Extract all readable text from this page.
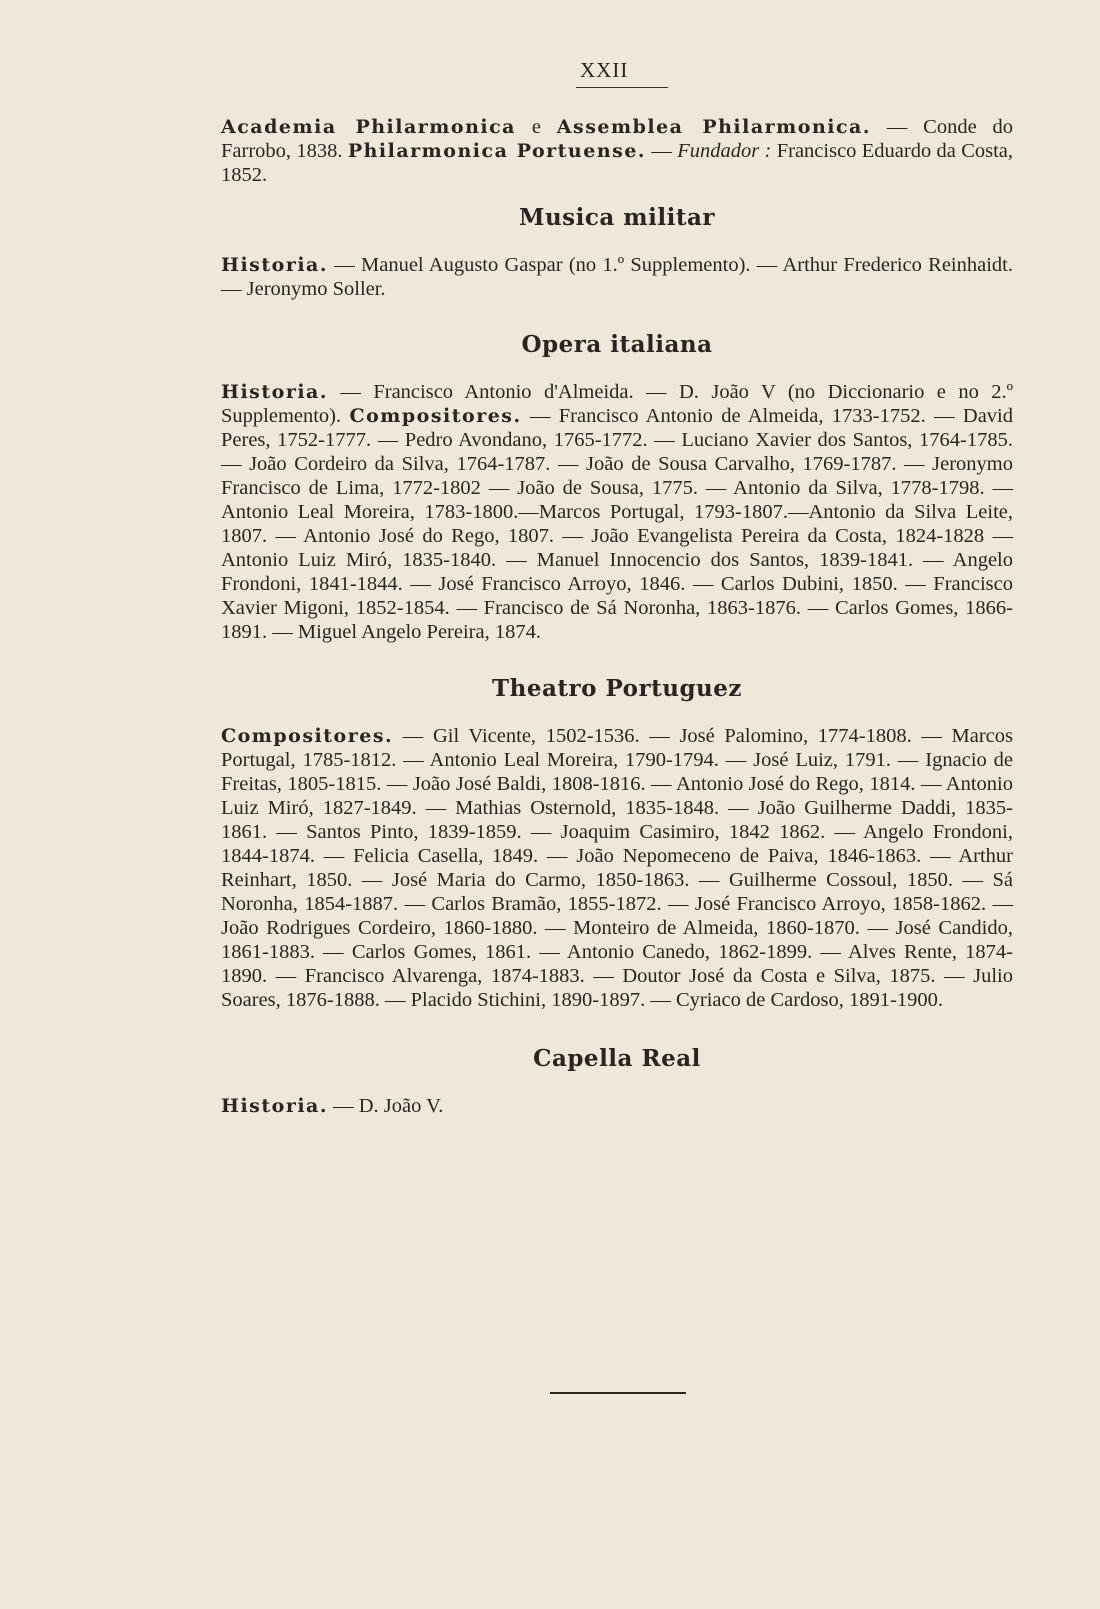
XXII

Academia Philarmonica e Assemblea Philarmonica. — Conde do Farrobo, 1838. Philarmonica Portuense. — Fundador : Francisco Eduardo da Costa, 1852.

Musica militar

Historia. — Manuel Augusto Gaspar (no 1.º Supplemento). — Arthur Frederico Reinhaidt. — Jeronymo Soller.

Opera italiana

Historia. — Francisco Antonio d'Almeida. — D. João V (no Diccionario e no 2.º Supplemento). Compositores. — Francisco Antonio de Almeida, 1733-1752. — David Peres, 1752-1777. — Pedro Avondano, 1765-1772. — Luciano Xavier dos Santos, 1764-1785. — João Cordeiro da Silva, 1764-1787. — João de Sousa Carvalho, 1769-1787. — Jeronymo Francisco de Lima, 1772-1802 — João de Sousa, 1775. — Antonio da Silva, 1778-1798. — Antonio Leal Moreira, 1783-1800.—Marcos Portugal, 1793-1807.—Antonio da Silva Leite, 1807. — Antonio José do Rego, 1807. — João Evangelista Pereira da Costa, 1824-1828 — Antonio Luiz Miró, 1835-1840. — Manuel Innocencio dos Santos, 1839-1841. — Angelo Frondoni, 1841-1844. — José Francisco Arroyo, 1846. — Carlos Dubini, 1850. — Francisco Xavier Migoni, 1852-1854. — Francisco de Sá Noronha, 1863-1876. — Carlos Gomes, 1866-1891. — Miguel Angelo Pereira, 1874.

Theatro Portuguez

Compositores. — Gil Vicente, 1502-1536. — José Palomino, 1774-1808. — Marcos Portugal, 1785-1812. — Antonio Leal Moreira, 1790-1794. — José Luiz, 1791. — Ignacio de Freitas, 1805-1815. — João José Baldi, 1808-1816. — Antonio José do Rego, 1814. — Antonio Luiz Miró, 1827-1849. — Mathias Osternold, 1835-1848. — João Guilherme Daddi, 1835-1861. — Santos Pinto, 1839-1859. — Joaquim Casimiro, 1842 1862. — Angelo Frondoni, 1844-1874. — Felicia Casella, 1849. — João Nepomeceno de Paiva, 1846-1863. — Arthur Reinhart, 1850. — José Maria do Carmo, 1850-1863. — Guilherme Cossoul, 1850. — Sá Noronha, 1854-1887. — Carlos Bramão, 1855-1872. — José Francisco Arroyo, 1858-1862. — João Rodrigues Cordeiro, 1860-1880. — Monteiro de Almeida, 1860-1870. — José Candido, 1861-1883. — Carlos Gomes, 1861. — Antonio Canedo, 1862-1899. — Alves Rente, 1874-1890. — Francisco Alvarenga, 1874-1883. — Doutor José da Costa e Silva, 1875. — Julio Soares, 1876-1888. — Placido Stichini, 1890-1897. — Cyriaco de Cardoso, 1891-1900.

Capella Real

Historia. — D. João V.
